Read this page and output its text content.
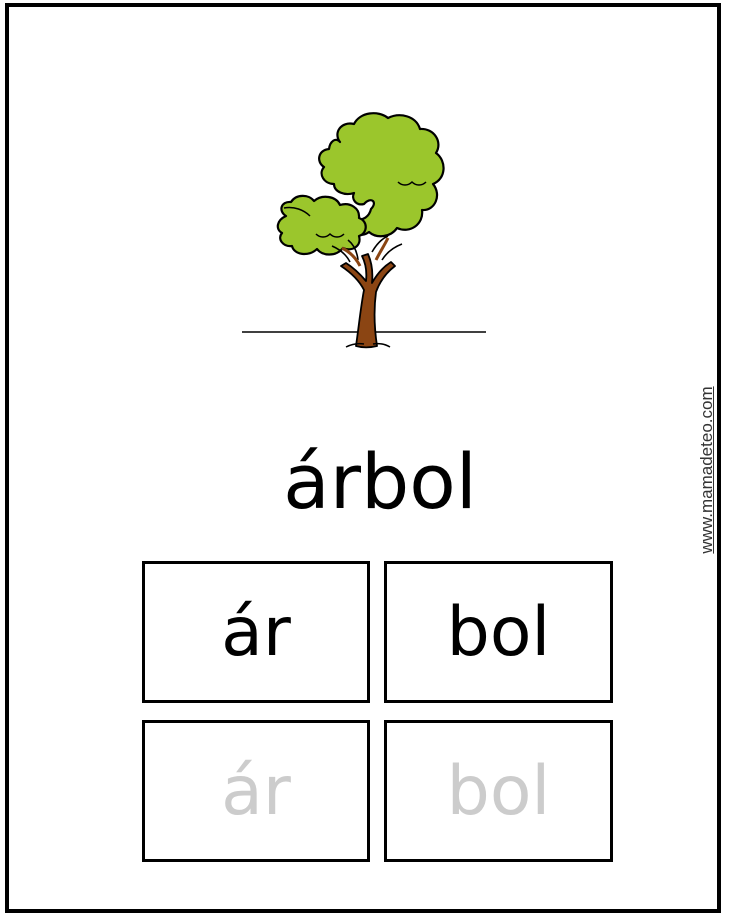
árbol
ár	bol
ár	bol
www.mamadeteo.com
